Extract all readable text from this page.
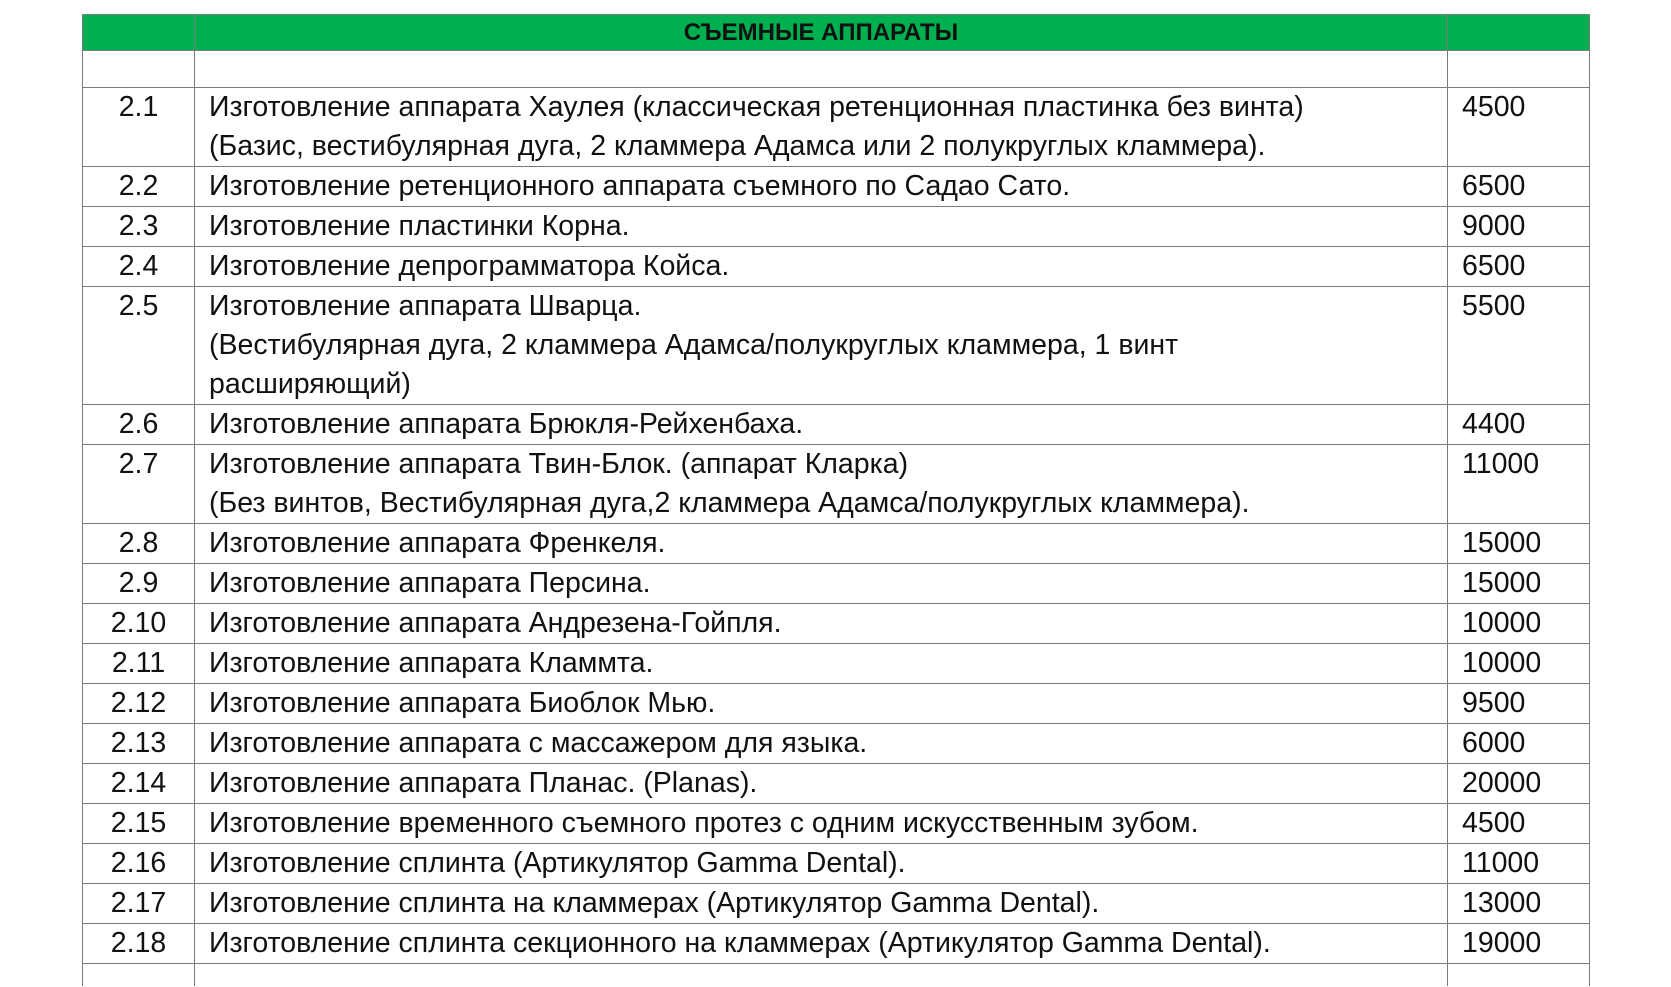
	СЪЕМНЫЕ АППАРАТЫ	

2.1	Изготовление аппарата Хаулея (классическая ретенционная пластинка без винта)
(Базис, вестибулярная дуга, 2 кламмера Адамса или 2 полукруглых кламмера).	4500
2.2	Изготовление ретенционного аппарата съемного по Садао Сато.	6500
2.3	Изготовление пластинки Корна.	9000
2.4	Изготовление депрограмматора Койса.	6500
2.5	Изготовление аппарата Шварца.
(Вестибулярная дуга, 2 кламмера Адамса/полукруглых кламмера, 1 винт
расширяющий)	5500
2.6	Изготовление аппарата Брюкля-Рейхенбаха.	4400
2.7	Изготовление аппарата Твин-Блок. (аппарат Кларка)
(Без винтов, Вестибулярная дуга,2 кламмера Адамса/полукруглых кламмера).	11000
2.8	Изготовление аппарата Френкеля.	15000
2.9	Изготовление аппарата Персина.	15000
2.10	Изготовление аппарата Андрезена-Гойпля.	10000
2.11	Изготовление аппарата Кламмта.	10000
2.12	Изготовление аппарата Биоблок Мью.	9500
2.13	Изготовление аппарата с массажером для языка.	6000
2.14	Изготовление аппарата Планас. (Planas).	20000
2.15	Изготовление временного съемного протез с одним искусственным зубом.	4500
2.16	Изготовление сплинта (Артикулятор Gamma Dental).	11000
2.17	Изготовление сплинта на кламмерах (Артикулятор Gamma Dental).	13000
2.18	Изготовление сплинта секционного на кламмерах (Артикулятор Gamma Dental).	19000
